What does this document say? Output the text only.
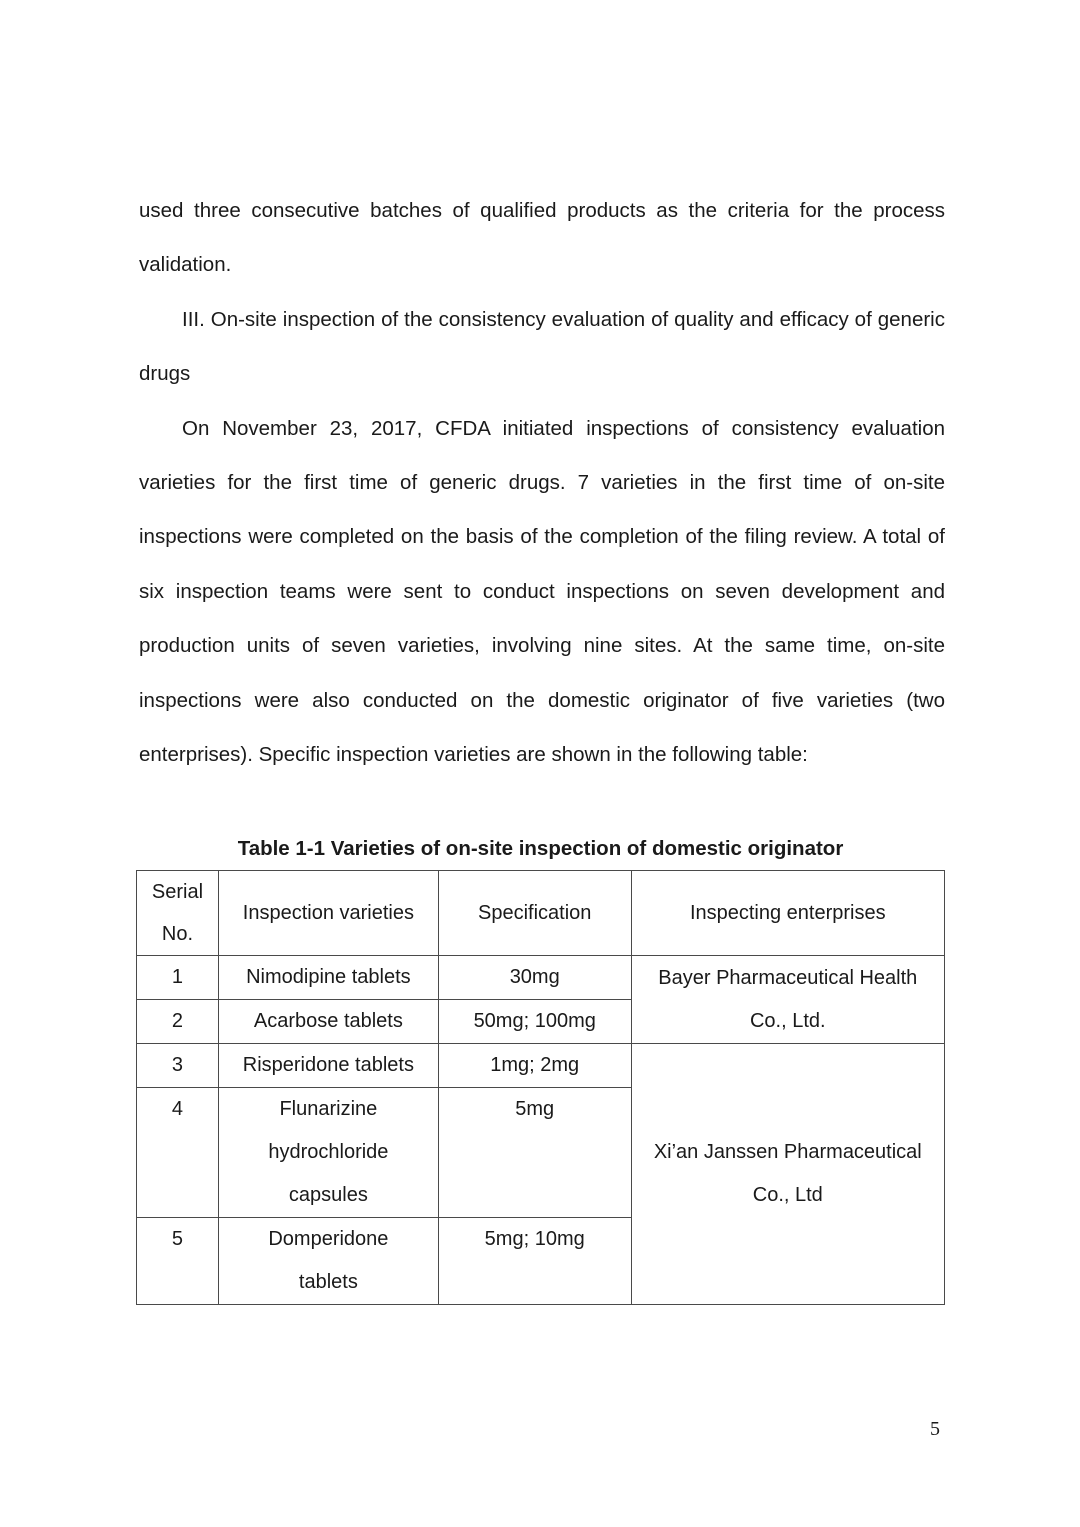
used three consecutive batches of qualified products as the criteria for the process validation.

III. On-site inspection of the consistency evaluation of quality and efficacy of generic drugs

On November 23, 2017, CFDA initiated inspections of consistency evaluation varieties for the first time of generic drugs. 7 varieties in the first time of on-site inspections were completed on the basis of the completion of the filing review. A total of six inspection teams were sent to conduct inspections on seven development and production units of seven varieties, involving nine sites. At the same time, on-site inspections were also conducted on the domestic originator of five varieties (two enterprises). Specific inspection varieties are shown in the following table:

Table 1-1 Varieties of on-site inspection of domestic originator
Serial No.	Inspection varieties	Specification	Inspecting enterprises
1	Nimodipine tablets	30mg	Bayer Pharmaceutical Health Co., Ltd.
2	Acarbose tablets	50mg; 100mg	
3	Risperidone tablets	1mg; 2mg	Xi’an Janssen Pharmaceutical Co., Ltd
4	Flunarizine hydrochloride capsules	5mg	
5	Domperidone tablets	5mg; 10mg	
5
